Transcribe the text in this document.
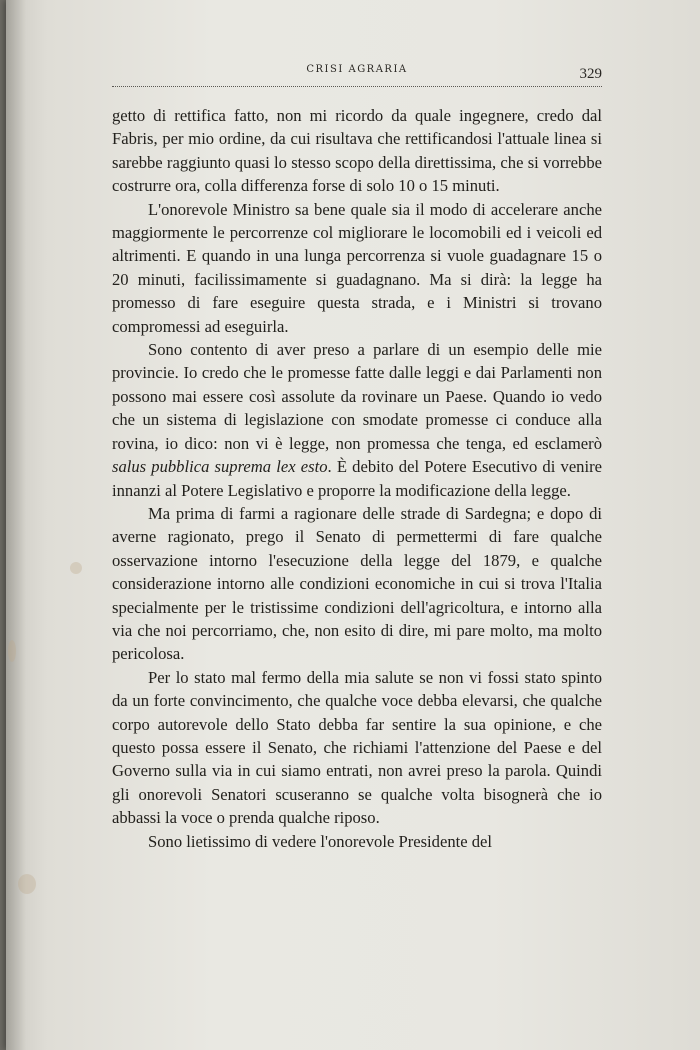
CRISI AGRARIA	329

getto di rettifica fatto, non mi ricordo da quale ingegnere, credo dal Fabris, per mio ordine, da cui risultava che rettificandosi l'attuale linea si sarebbe raggiunto quasi lo stesso scopo della direttissima, che si vorrebbe costrurre ora, colla differenza forse di solo 10 o 15 minuti.

L'onorevole Ministro sa bene quale sia il modo di accelerare anche maggiormente le percorrenze col migliorare le locomobili ed i veicoli ed altrimenti. E quando in una lunga percorrenza si vuole guadagnare 15 o 20 minuti, facilissimamente si guadagnano. Ma si dirà: la legge ha promesso di fare eseguire questa strada, e i Ministri si trovano compromessi ad eseguirla.

Sono contento di aver preso a parlare di un esempio delle mie provincie. Io credo che le promesse fatte dalle leggi e dai Parlamenti non possono mai essere così assolute da rovinare un Paese. Quando io vedo che un sistema di legislazione con smodate promesse ci conduce alla rovina, io dico: non vi è legge, non promessa che tenga, ed esclamerò salus pubblica suprema lex esto. È debito del Potere Esecutivo di venire innanzi al Potere Legislativo e proporre la modificazione della legge.

Ma prima di farmi a ragionare delle strade di Sardegna; e dopo di averne ragionato, prego il Senato di permettermi di fare qualche osservazione intorno l'esecuzione della legge del 1879, e qualche considerazione intorno alle condizioni economiche in cui si trova l'Italia specialmente per le tristissime condizioni dell'agricoltura, e intorno alla via che noi percorriamo, che, non esito di dire, mi pare molto, ma molto pericolosa.

Per lo stato mal fermo della mia salute se non vi fossi stato spinto da un forte convincimento, che qualche voce debba elevarsi, che qualche corpo autorevole dello Stato debba far sentire la sua opinione, e che questo possa essere il Senato, che richiami l'attenzione del Paese e del Governo sulla via in cui siamo entrati, non avrei preso la parola. Quindi gli onorevoli Senatori scuseranno se qualche volta bisognerà che io abbassi la voce o prenda qualche riposo.

Sono lietissimo di vedere l'onorevole Presidente del
